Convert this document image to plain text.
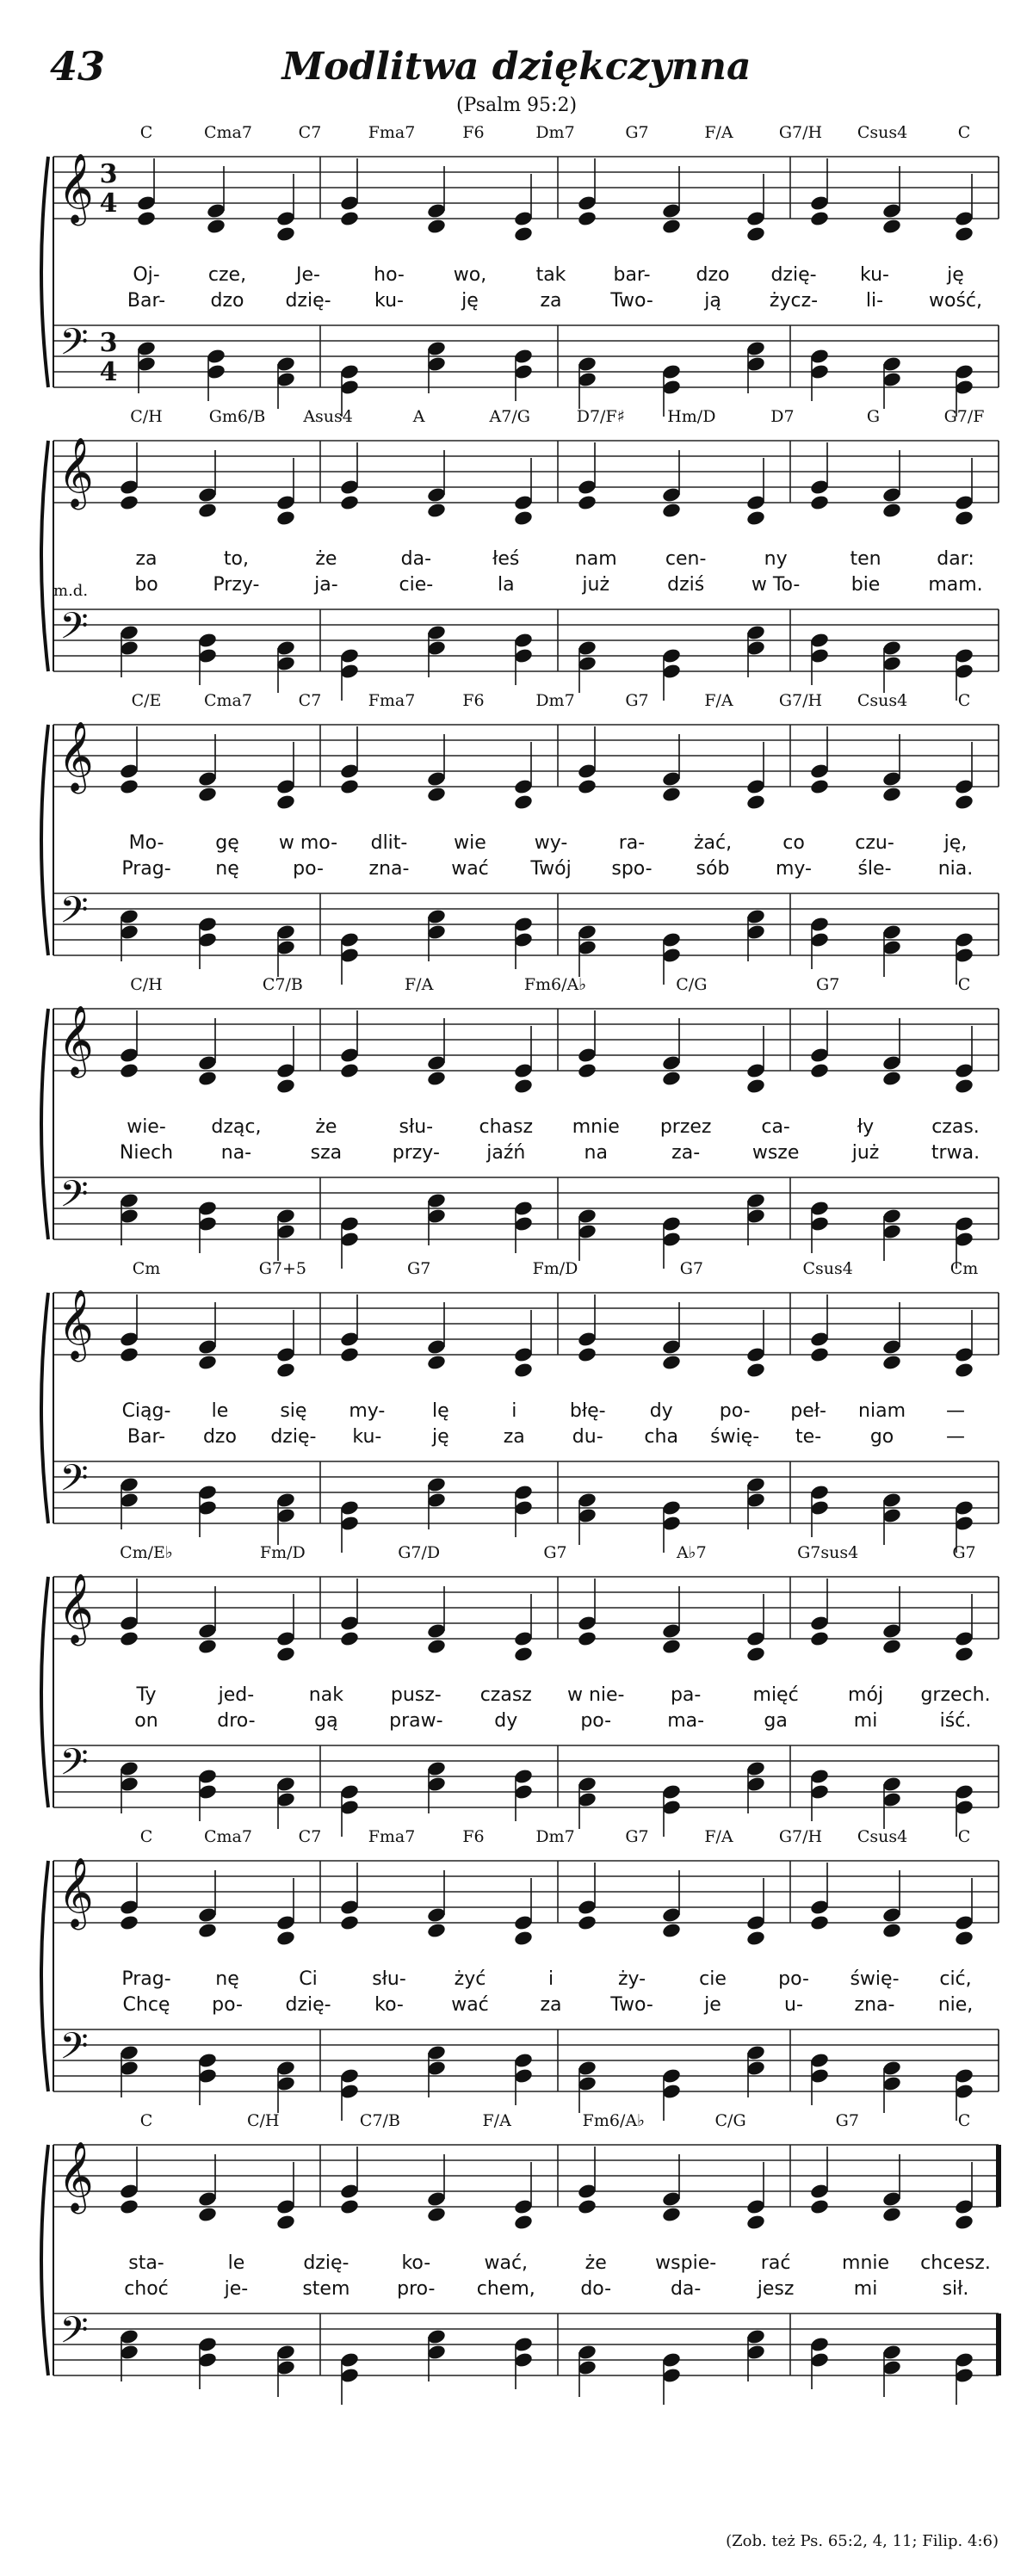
43	Modlitwa dziękczynna
(Psalm 95:2)
C	Cma7	C7	Fma7	F6	Dm7	G7	F/A	G7/H Csus4	C
𝄞 3
4
𝄢 3
4
Oj-	cze,	Je-	ho-	wo,	tak	bar- dzo dzię- ku-	ję
Bar- dzo dzię- ku-	ję	za	Two-	ją	życz-	li- wość,
C/H	Gm6/B Asus4	A	A7/G	D7/F♯	Hm/D	D7	G	G7/F
𝄞
𝄢
za	to,	że	da-	łeś	nam	cen-	ny	ten	dar:
bo	Przy-	ja-	cie-	la	już	dziś w To-	bie	mam.
m.d.
C/E	Cma7	C7	Fma7	F6	Dm7	G7	F/A	G7/H Csus4	C
𝄞
𝄢
Mo-	gę w mo- dlit- wie	wy-	ra-	żać,	co	czu-	ję,
Prag- nę	po- zna- wać Twój spo- sób my- śle- nia.
C/H	C7/B	F/A	Fm6/A♭	C/G	G7	C
𝄞
𝄢
wie- dząc,	że	słu- chasz mnie przez	ca-	ły	czas.
Niech	na-	sza	przy- jaźń	na	za-	wsze	już	trwa.
Cm	G7+5	G7	Fm/D	G7	Csus4	Cm
𝄞
𝄢
Ciąg- le	się my- lę	i	błę- dy po- peł- niam —
Bar- dzo dzię- ku-	ję	za	du- cha świę- te-	go	—
Cm/E♭	Fm/D	G7/D	G7	A♭7	G7sus4	G7
𝄞
𝄢
Ty	jed-	nak pusz- czasz w nie- pa-	mięć	mój grzech.
on	dro-	gą	praw-	dy	po-	ma-	ga	mi	iść.
C	Cma7	C7	Fma7	F6	Dm7	G7	F/A	G7/H Csus4	C
𝄞
𝄢
Prag- nę	Ci	słu-	żyć	i	ży-	cie	po- świę- cić,
Chcę po- dzię- ko-	wać	za	Two-	je	u-	zna- nie,
C	C/H	C7/B	F/A	Fm6/A♭	C/G	G7	C
𝄞
𝄢
sta-	le	dzię-	ko-	wać,	że	wspie- rać	mnie chcesz.
choć	je-	stem pro- chem, do-	da-	jesz	mi	sił.
(Zob. też Ps. 65:2, 4, 11; Filip. 4:6)
